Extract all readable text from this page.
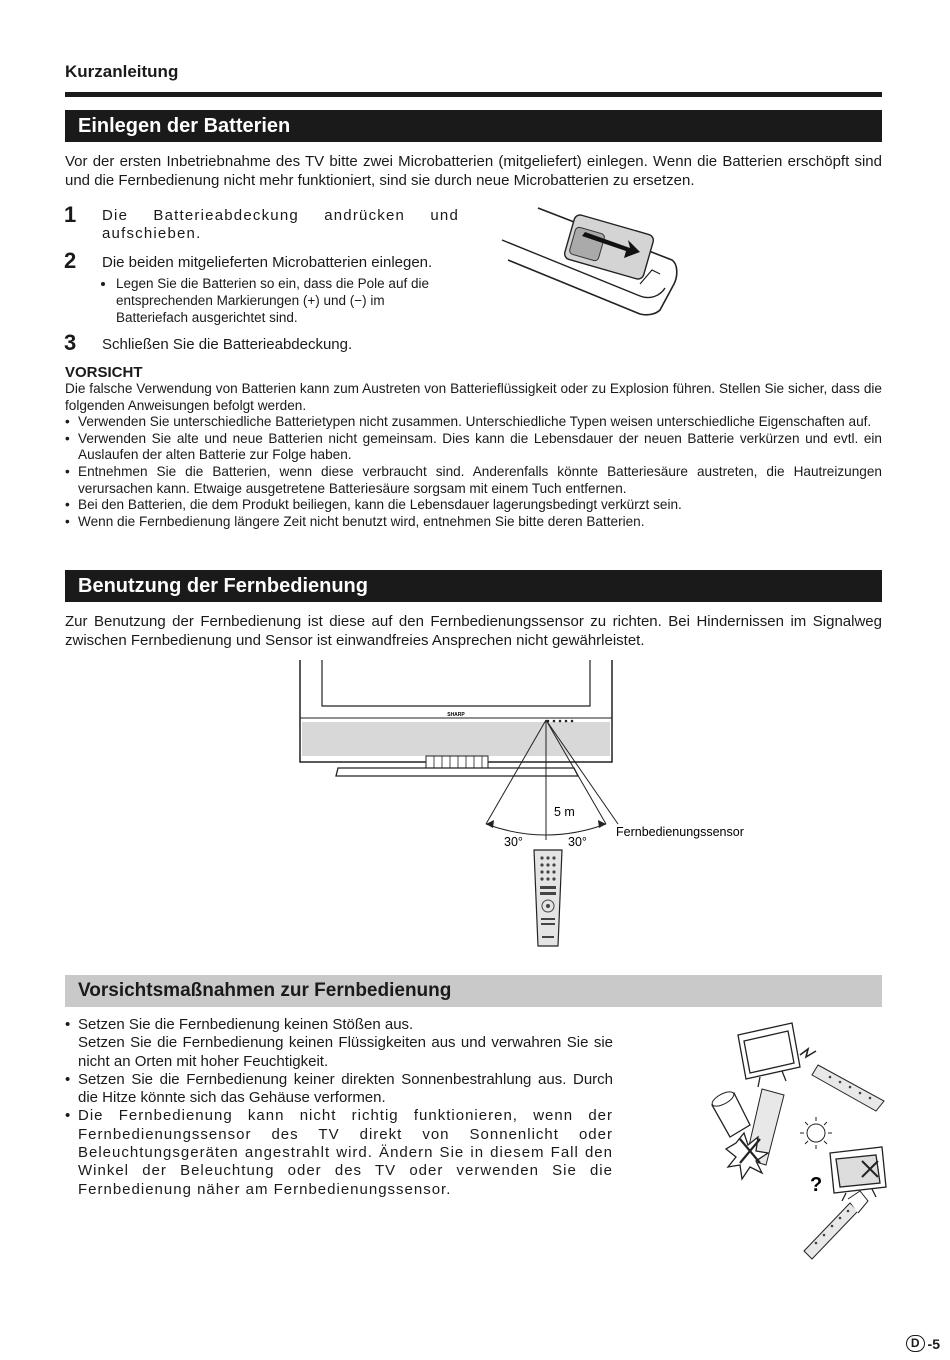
Kurzanleitung
Einlegen der Batterien
Vor der ersten Inbetriebnahme des TV bitte zwei Microbatterien (mitgeliefert) einlegen. Wenn die Batterien erschöpft sind und die Fernbedienung nicht mehr funktioniert, sind sie durch neue Microbatterien zu ersetzen.
1 Die Batterieabdeckung andrücken und aufschieben.
2 Die beiden mitgelieferten Microbatterien einlegen.
• Legen Sie die Batterien so ein, dass die Pole auf die entsprechenden Markierungen (+) und (−) im Batteriefach ausgerichtet sind.
3 Schließen Sie die Batterieabdeckung.
VORSICHT
Die falsche Verwendung von Batterien kann zum Austreten von Batterieflüssigkeit oder zu Explosion führen. Stellen Sie sicher, dass die folgenden Anweisungen befolgt werden.
• Verwenden Sie unterschiedliche Batterietypen nicht zusammen. Unterschiedliche Typen weisen unterschiedliche Eigenschaften auf.
• Verwenden Sie alte und neue Batterien nicht gemeinsam. Dies kann die Lebensdauer der neuen Batterie verkürzen und evtl. ein Auslaufen der alten Batterie zur Folge haben.
• Entnehmen Sie die Batterien, wenn diese verbraucht sind. Anderenfalls könnte Batteriesäure austreten, die Hautreizungen verursachen kann. Etwaige ausgetretene Batteriesäure sorgsam mit einem Tuch entfernen.
• Bei den Batterien, die dem Produkt beiliegen, kann die Lebensdauer lagerungsbedingt verkürzt sein.
• Wenn die Fernbedienung längere Zeit nicht benutzt wird, entnehmen Sie bitte deren Batterien.
Benutzung der Fernbedienung
Zur Benutzung der Fernbedienung ist diese auf den Fernbedienungssensor zu richten. Bei Hindernissen im Signalweg zwischen Fernbedienung und Sensor ist einwandfreies Ansprechen nicht gewährleistet.
SHARP
5 m
30°	30°
Fernbedienungssensor
Vorsichtsmaßnahmen zur Fernbedienung
• Setzen Sie die Fernbedienung keinen Stößen aus.
Setzen Sie die Fernbedienung keinen Flüssigkeiten aus und verwahren Sie sie nicht an Orten mit hoher Feuchtigkeit.
• Setzen Sie die Fernbedienung keiner direkten Sonnenbestrahlung aus. Durch die Hitze könnte sich das Gehäuse verformen.
• Die Fernbedienung kann nicht richtig funktionieren, wenn der Fernbedienungssensor des TV direkt von Sonnenlicht oder Beleuchtungsgeräten angestrahlt wird. Ändern Sie in diesem Fall den Winkel der Beleuchtung oder des TV oder verwenden Sie die Fernbedienung näher am Fernbedienungssensor.	?
D -5
